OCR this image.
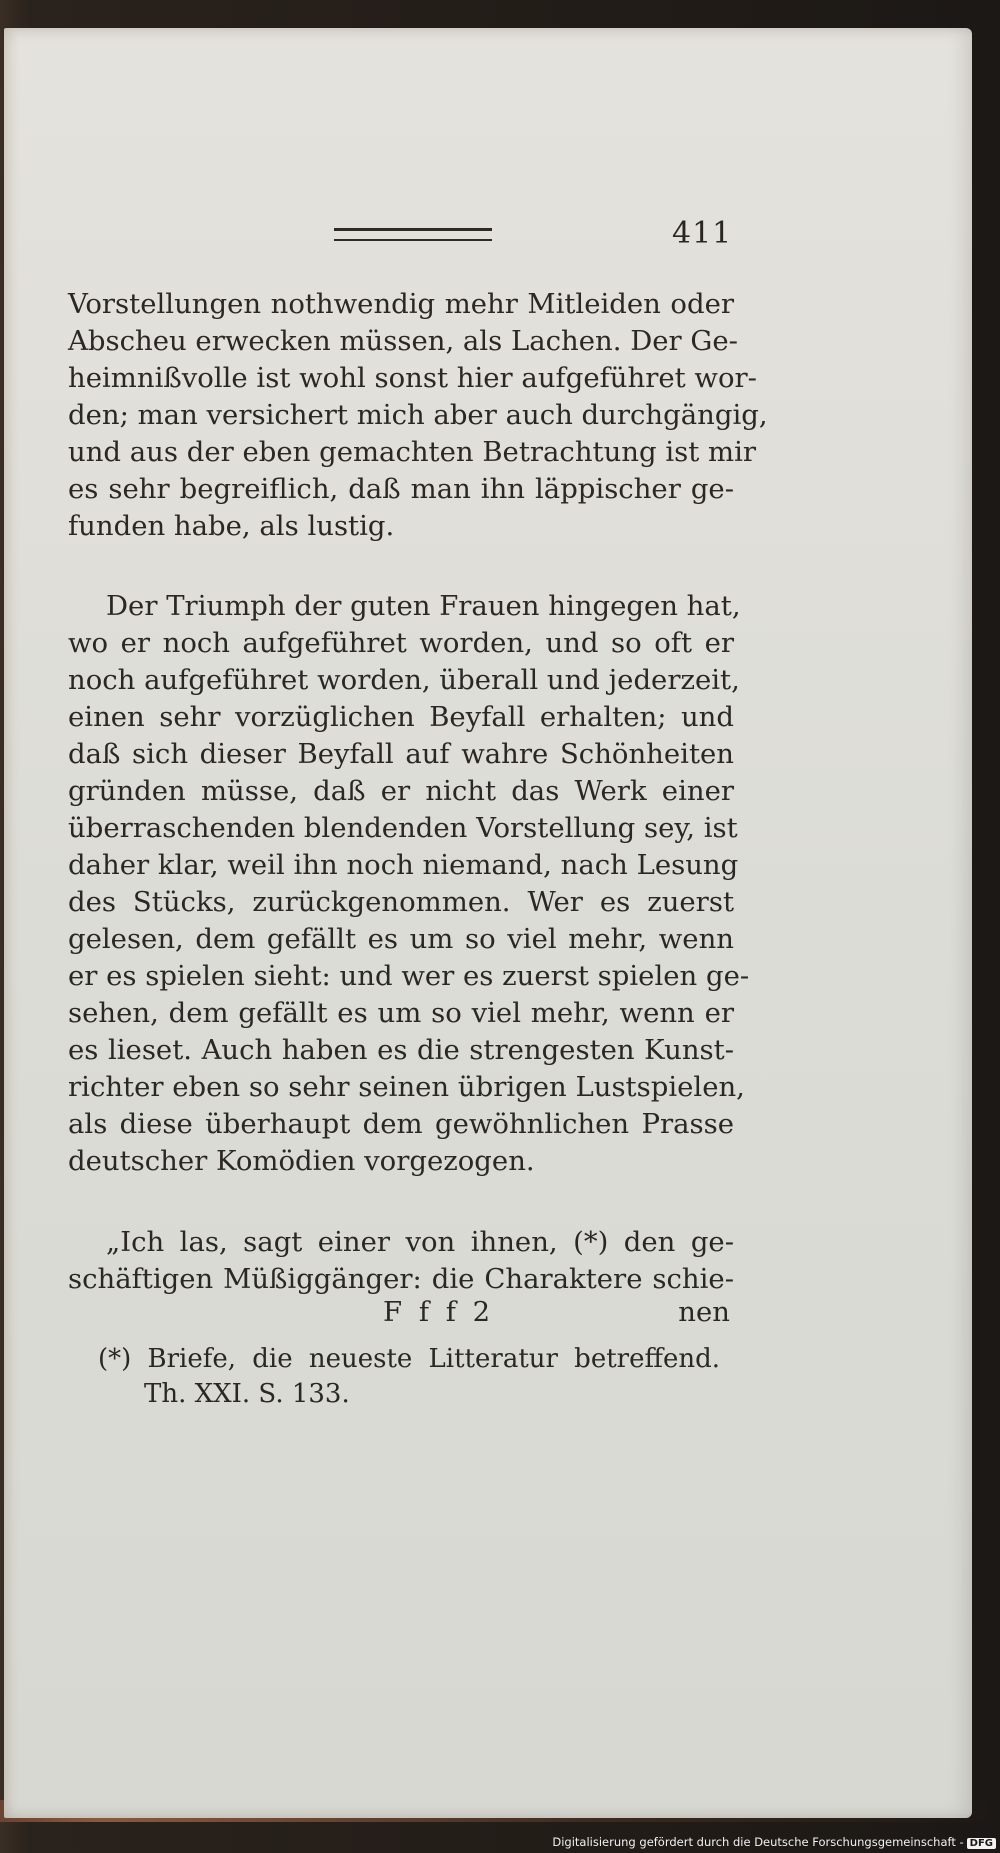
411
Vorstellungen nothwendig mehr Mitleiden oder
Abscheu erwecken müssen, als Lachen. Der Ge-
heimnißvolle ist wohl sonst hier aufgeführet wor-
den; man versichert mich aber auch durchgängig,
und aus der eben gemachten Betrachtung ist mir
es sehr begreiflich, daß man ihn läppischer ge-
funden habe, als lustig.
Der Triumph der guten Frauen hingegen hat,
wo er noch aufgeführet worden, und so oft er
noch aufgeführet worden, überall und jederzeit,
einen sehr vorzüglichen Beyfall erhalten; und
daß sich dieser Beyfall auf wahre Schönheiten
gründen müsse, daß er nicht das Werk einer
überraschenden blendenden Vorstellung sey, ist
daher klar, weil ihn noch niemand, nach Lesung
des Stücks, zurückgenommen. Wer es zuerst
gelesen, dem gefällt es um so viel mehr, wenn
er es spielen sieht: und wer es zuerst spielen ge-
sehen, dem gefällt es um so viel mehr, wenn er
es lieset. Auch haben es die strengesten Kunst-
richter eben so sehr seinen übrigen Lustspielen,
als diese überhaupt dem gewöhnlichen Prasse
deutscher Komödien vorgezogen.
„Ich las, sagt einer von ihnen, (*) den ge-
schäftigen Müßiggänger: die Charaktere schie-
F f f 2	nen
(*) Briefe, die neueste Litteratur betreffend.
Th. XXI. S. 133.
Digitalisierung gefördert durch die Deutsche Forschungsgemeinschaft - DFG
